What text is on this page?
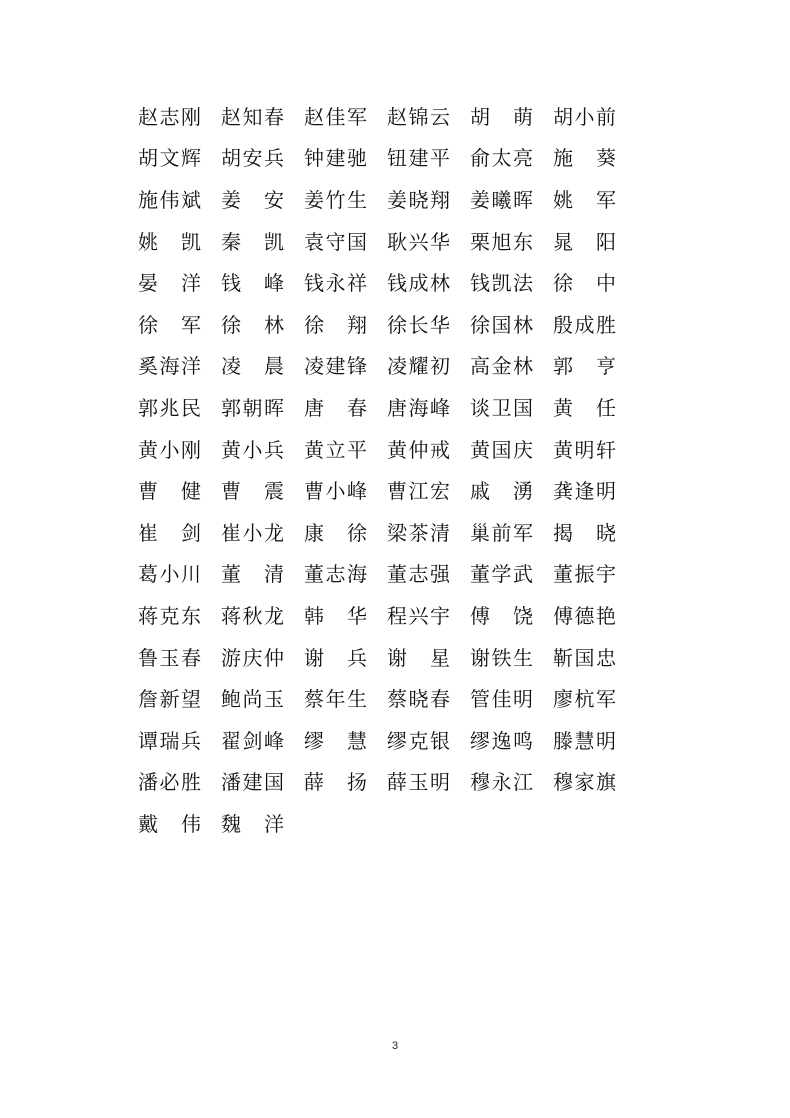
赵 志 刚 赵 知 春 赵 佳 军 赵 锦 云 胡 萌 胡 小 前
胡 文 辉 胡 安 兵 钟 建 驰 钮 建 平 俞 太 亮 施 葵
施 伟 斌 姜 安 姜 竹 生 姜 晓 翔 姜 曦 晖 姚 军
姚 凯 秦 凯 袁 守 国 耿 兴 华 栗 旭 东 晁 阳
晏 洋 钱 峰 钱 永 祥 钱 成 林 钱 凯 法 徐 中
徐 军 徐 林 徐 翔 徐 长 华 徐 国 林 殷 成 胜
奚 海 洋 凌 晨 凌 建 锋 凌 耀 初 高 金 林 郭 亨
郭 兆 民 郭 朝 晖 唐 春 唐 海 峰 谈 卫 国 黄 任
黄 小 刚 黄 小 兵 黄 立 平 黄 仲 戒 黄 国 庆 黄 明 轩
曹 健 曹 震 曹 小 峰 曹 江 宏 戚 湧 龚 逢 明
崔 剑 崔 小 龙 康 徐 梁 茶 清 巢 前 军 揭 晓
葛 小 川 董 清 董 志 海 董 志 强 董 学 武 董 振 宇
蒋 克 东 蒋 秋 龙 韩 华 程 兴 宇 傅 饶 傅 德 艳
鲁 玉 春 游 庆 仲 谢 兵 谢 星 谢 铁 生 靳 国 忠
詹 新 望 鲍 尚 玉 蔡 年 生 蔡 晓 春 管 佳 明 廖 杭 军
谭 瑞 兵 翟 剑 峰 缪 慧 缪 克 银 缪 逸 鸣 滕 慧 明
潘 必 胜 潘 建 国 薛 扬 薛 玉 明 穆 永 江 穆 家 旗
戴 伟 魏 洋
3
